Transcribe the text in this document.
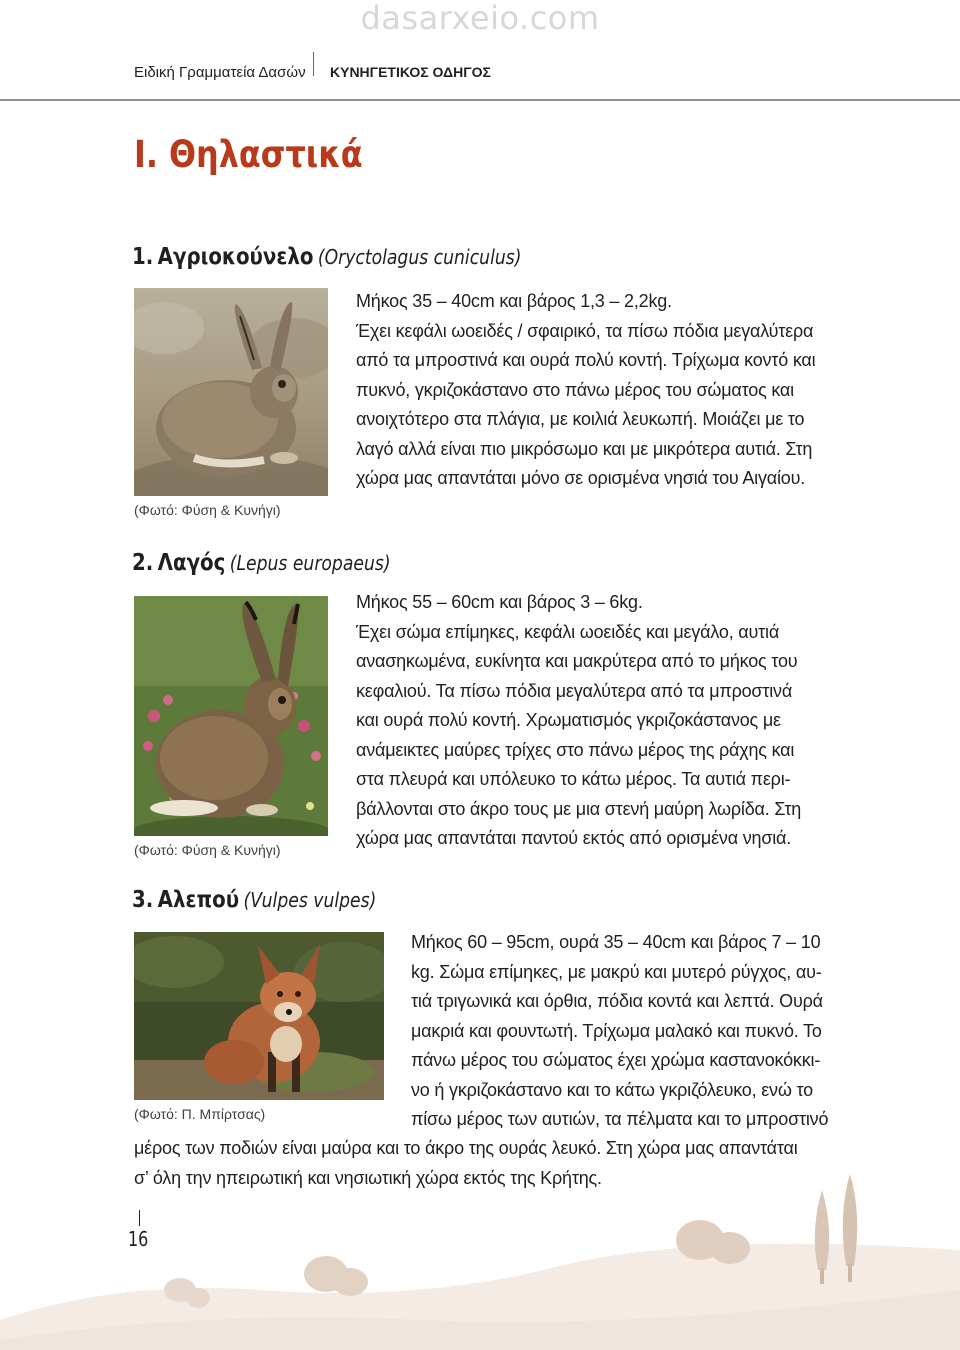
dasarxeio.com
Ειδική Γραμματεία Δασών ΚΥΝΗΓΕΤΙΚΟΣ ΟΔΗΓΟΣ
Ι. Θηλαστικά
1. Αγριοκούνελο (Oryctolagus cuniculus)
(Φωτό: Φύση & Κυνήγι)

Μήκος 35 – 40cm και βάρος 1,3 – 2,2kg.
Έχει κεφάλι ωοειδές / σφαιρικό, τα πίσω πόδια μεγαλύτερα
από τα μπροστινά και ουρά πολύ κοντή. Τρίχωμα κοντό και
πυκνό, γκριζοκάστανο στο πάνω μέρος του σώματος και
ανοιχτότερο στα πλάγια, με κοιλιά λευκωπή. Μοιάζει με το
λαγό αλλά είναι πιο μικρόσωμο και με μικρότερα αυτιά. Στη
χώρα μας απαντάται μόνο σε ορισμένα νησιά του Αιγαίου.

2. Λαγός (Lepus europaeus)
(Φωτό: Φύση & Κυνήγι)

Μήκος 55 – 60cm και βάρος 3 – 6kg.
Έχει σώμα επίμηκες, κεφάλι ωοειδές και μεγάλο, αυτιά
ανασηκωμένα, ευκίνητα και μακρύτερα από το μήκος του
κεφαλιού. Τα πίσω πόδια μεγαλύτερα από τα μπροστινά
και ουρά πολύ κοντή. Χρωματισμός γκριζοκάστανος με
ανάμεικτες μαύρες τρίχες στο πάνω μέρος της ράχης και
στα πλευρά και υπόλευκο το κάτω μέρος. Τα αυτιά περι-
βάλλονται στο άκρο τους με μια στενή μαύρη λωρίδα. Στη
χώρα μας απαντάται παντού εκτός από ορισμένα νησιά.

3. Αλεπού (Vulpes vulpes)
(Φωτό: Π. Μπίρτσας)

Μήκος 60 – 95cm, ουρά 35 – 40cm και βάρος 7 – 10
kg. Σώμα επίμηκες, με μακρύ και μυτερό ρύγχος, αυ-
τιά τριγωνικά και όρθια, πόδια κοντά και λεπτά. Ουρά
μακριά και φουντωτή. Τρίχωμα μαλακό και πυκνό. Το
πάνω μέρος του σώματος έχει χρώμα καστανοκόκκι-
νο ή γκριζοκάστανο και το κάτω γκριζόλευκο, ενώ το
πίσω μέρος των αυτιών, τα πέλματα και το μπροστινό

μέρος των ποδιών είναι μαύρα και το άκρο της ουράς λευκό. Στη χώρα μας απαντάται
σ’ όλη την ηπειρωτική και νησιωτική χώρα εκτός της Κρήτης.

16
